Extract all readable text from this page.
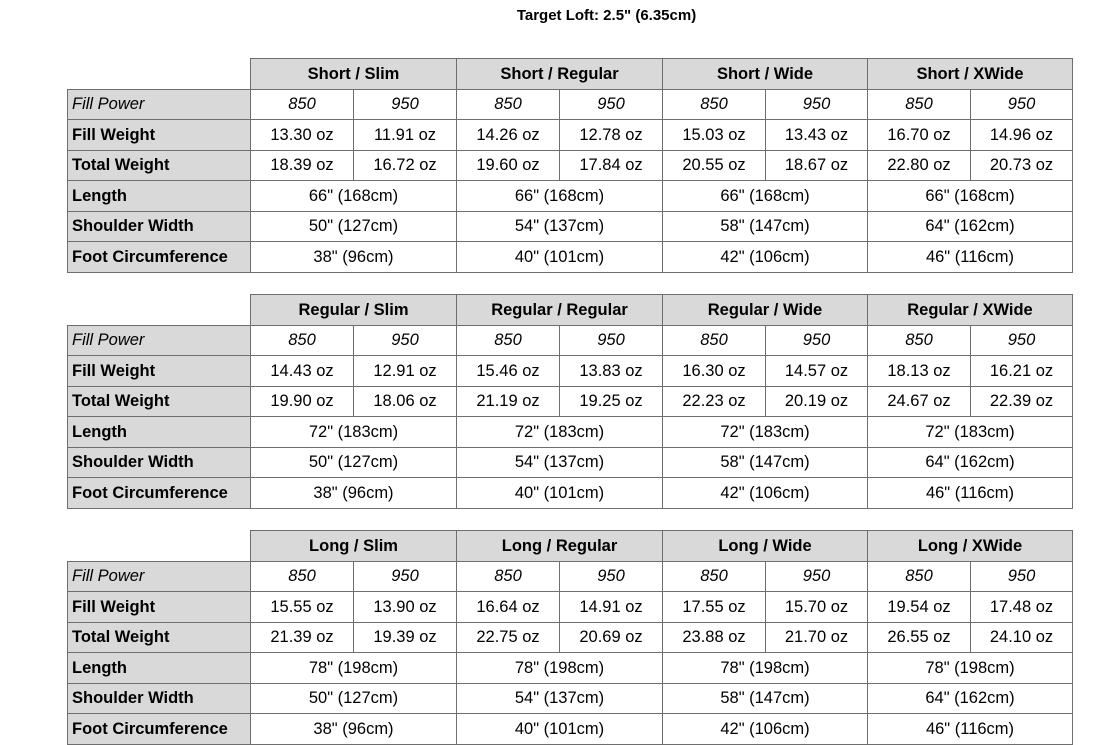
Target Loft: 2.5" (6.35cm)
	Short / Slim		Short / Regular		Short / Wide		Short / XWide	
Fill Power	850	950	850	950	850	950	850	950
Fill Weight	13.30 oz	11.91 oz	14.26 oz	12.78 oz	15.03 oz	13.43 oz	16.70 oz	14.96 oz
Total Weight	18.39 oz	16.72 oz	19.60 oz	17.84 oz	20.55 oz	18.67 oz	22.80 oz	20.73 oz
Length	66" (168cm)		66" (168cm)		66" (168cm)		66" (168cm)	
Shoulder Width	50" (127cm)		54" (137cm)		58" (147cm)		64" (162cm)	
Foot Circumference	38" (96cm)		40" (101cm)		42" (106cm)		46" (116cm)	
	Regular / Slim		Regular / Regular		Regular / Wide		Regular / XWide	
Fill Power	850	950	850	950	850	950	850	950
Fill Weight	14.43 oz	12.91 oz	15.46 oz	13.83 oz	16.30 oz	14.57 oz	18.13 oz	16.21 oz
Total Weight	19.90 oz	18.06 oz	21.19 oz	19.25 oz	22.23 oz	20.19 oz	24.67 oz	22.39 oz
Length	72" (183cm)		72" (183cm)		72" (183cm)		72" (183cm)	
Shoulder Width	50" (127cm)		54" (137cm)		58" (147cm)		64" (162cm)	
Foot Circumference	38" (96cm)		40" (101cm)		42" (106cm)		46" (116cm)	
	Long / Slim		Long / Regular		Long / Wide		Long / XWide	
Fill Power	850	950	850	950	850	950	850	950
Fill Weight	15.55 oz	13.90 oz	16.64 oz	14.91 oz	17.55 oz	15.70 oz	19.54 oz	17.48 oz
Total Weight	21.39 oz	19.39 oz	22.75 oz	20.69 oz	23.88 oz	21.70 oz	26.55 oz	24.10 oz
Length	78" (198cm)		78" (198cm)		78" (198cm)		78" (198cm)	
Shoulder Width	50" (127cm)		54" (137cm)		58" (147cm)		64" (162cm)	
Foot Circumference	38" (96cm)		40" (101cm)		42" (106cm)		46" (116cm)	
